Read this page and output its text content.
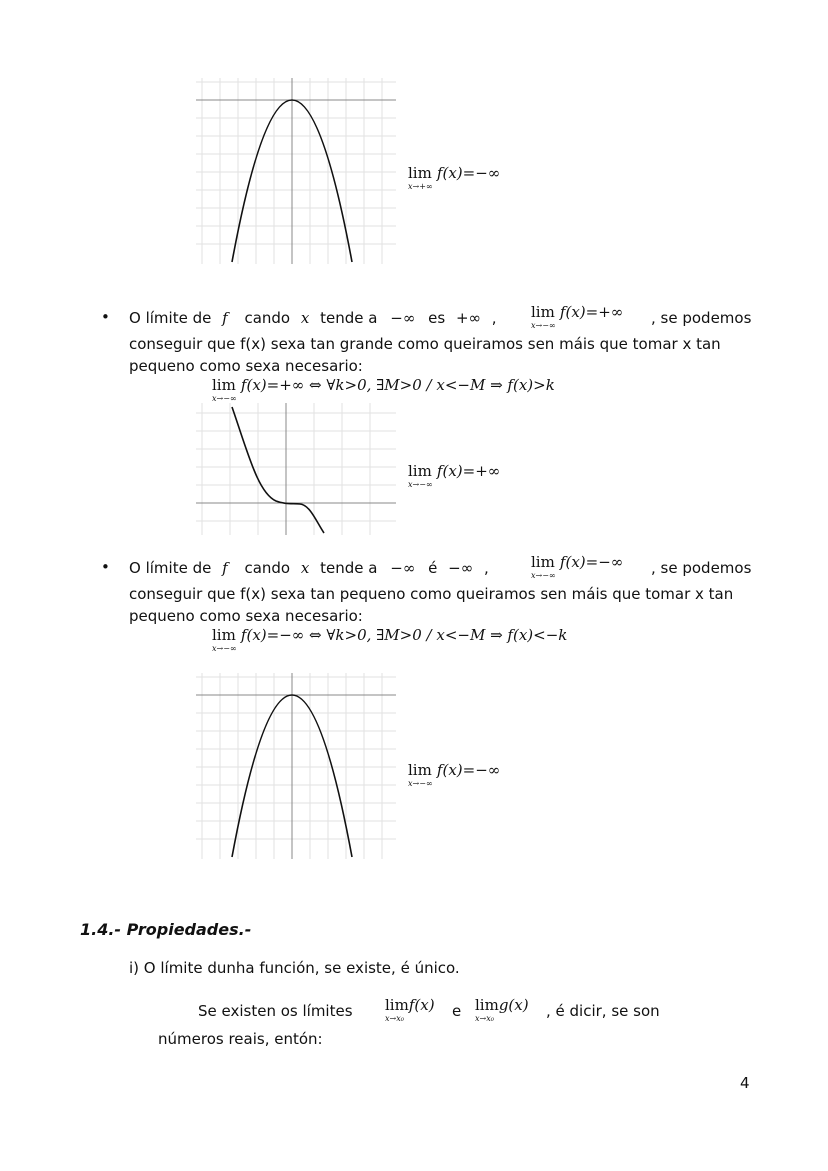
lim f(x)=−∞
x→+∞
• O límite de f cando x tende a −∞ es +∞ ,	, se podemos
lim f(x)=+∞
x→−∞
conseguir que f(x) sexa tan grande como queiramos sen máis que tomar x tan
pequeno como sexa necesario:
lim f(x)=+∞ ⇔ ∀k>0, ∃M>0 / x<−M ⇒ f(x)>k
x→−∞
lim f(x)=+∞
x→−∞
• O límite de f cando x tende a −∞ é −∞ ,	, se podemos
lim f(x)=−∞
x→−∞
conseguir que f(x) sexa tan pequeno como queiramos sen máis que tomar x tan
pequeno como sexa necesario:
lim f(x)=−∞ ⇔ ∀k>0, ∃M>0 / x<−M ⇒ f(x)<−k
x→−∞
lim f(x)=−∞
x→−∞
1.4.- Propiedades.-
i) O límite dunha función, se existe, é único.
Se existen os límites limf(x)
x→x₀	e limg(x)
x→x₀	, é dicir, se son
números reais, entón:
4
